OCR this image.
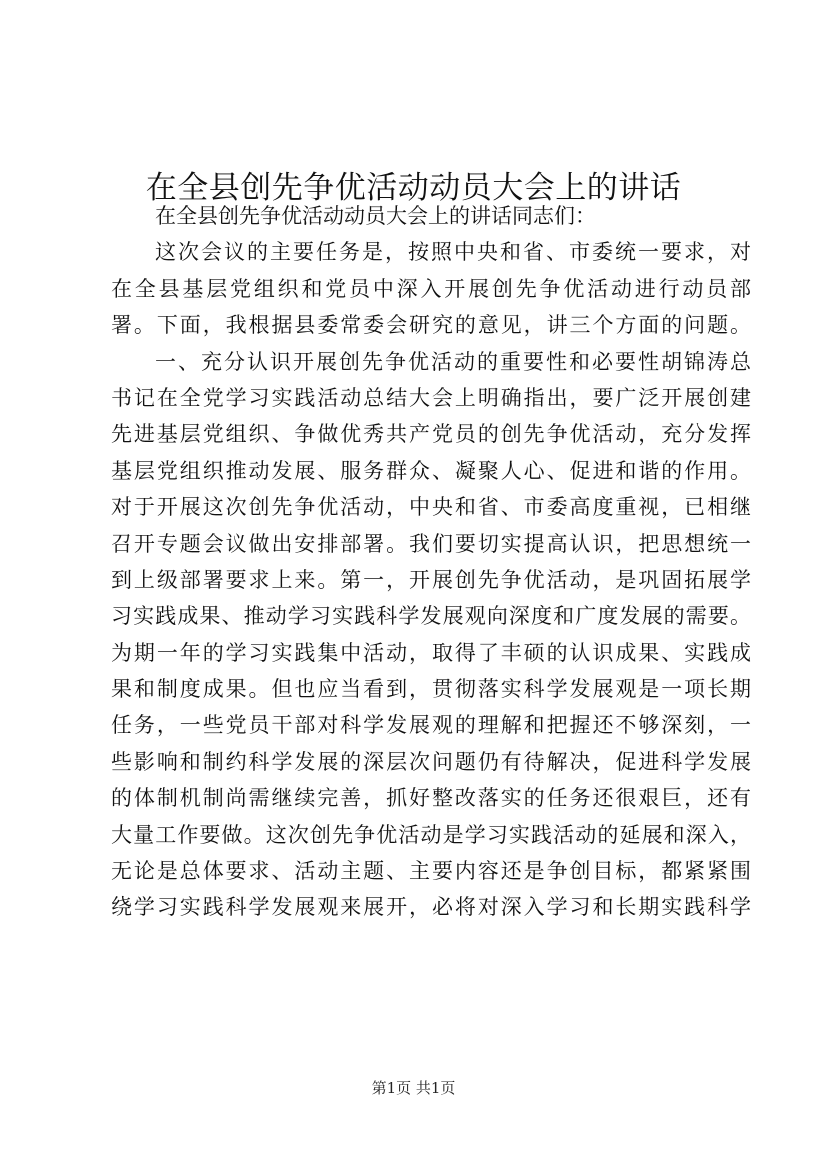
在全县创先争优活动动员大会上的讲话
在全县创先争优活动动员大会上的讲话同志们：
这次会议的主要任务是，按照中央和省、市委统一要求，对
在全县基层党组织和党员中深入开展创先争优活动进行动员部
署。下面，我根据县委常委会研究的意见，讲三个方面的问题。
一、充分认识开展创先争优活动的重要性和必要性胡锦涛总
书记在全党学习实践活动总结大会上明确指出，要广泛开展创建
先进基层党组织、争做优秀共产党员的创先争优活动，充分发挥
基层党组织推动发展、服务群众、凝聚人心、促进和谐的作用。
对于开展这次创先争优活动，中央和省、市委高度重视，已相继
召开专题会议做出安排部署。我们要切实提高认识，把思想统一
到上级部署要求上来。第一，开展创先争优活动，是巩固拓展学
习实践成果、推动学习实践科学发展观向深度和广度发展的需要。
为期一年的学习实践集中活动，取得了丰硕的认识成果、实践成
果和制度成果。但也应当看到，贯彻落实科学发展观是一项长期
任务，一些党员干部对科学发展观的理解和把握还不够深刻，一
些影响和制约科学发展的深层次问题仍有待解决，促进科学发展
的体制机制尚需继续完善，抓好整改落实的任务还很艰巨，还有
大量工作要做。这次创先争优活动是学习实践活动的延展和深入，
无论是总体要求、活动主题、主要内容还是争创目标，都紧紧围
绕学习实践科学发展观来展开，必将对深入学习和长期实践科学
第1页 共1页
